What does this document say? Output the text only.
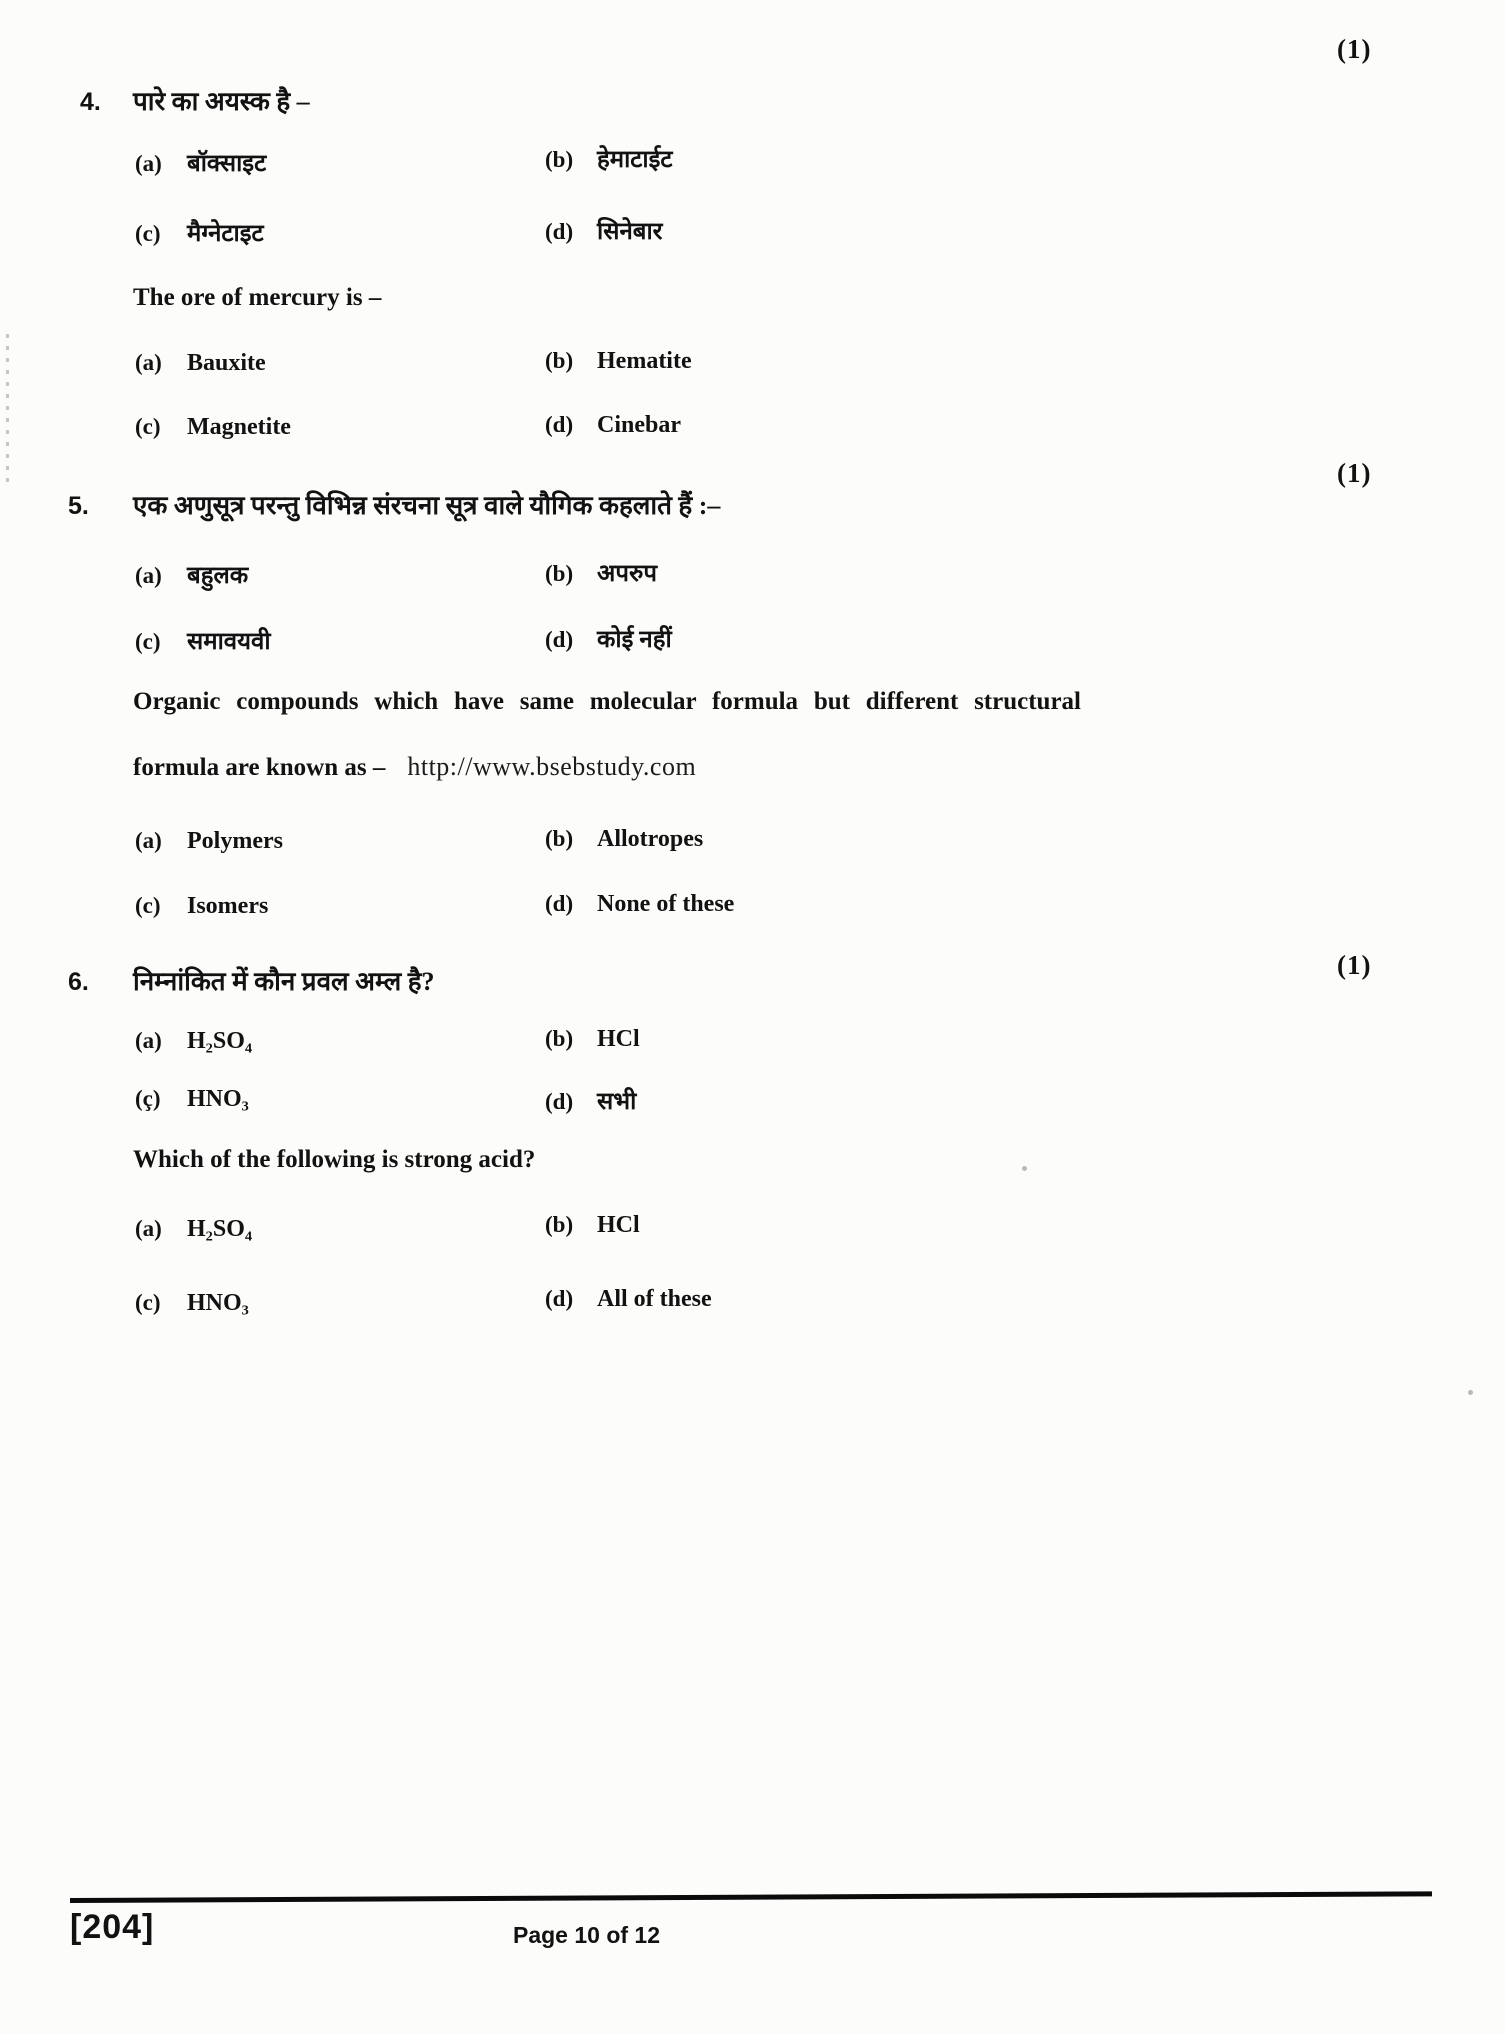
(1)
4. पारे का अयस्क है –
(a)	बॉक्साइट	(b) हेमाटाईट
(c)	मैग्नेटाइट	(d) सिनेबार
The ore of mercury is –
(a)	Bauxite	(b) Hematite
(c)	Magnetite	(d) Cinebar
(1)
5. एक अणुसूत्र परन्तु विभिन्न संरचना सूत्र वाले यौगिक कहलाते हैं :–
(a)	बहुलक	(b) अपरुप
(c)	समावयवी	(d) कोई नहीं
Organic compounds which have same molecular formula but different structural
formula are known as – http://www.bsebstudy.com
(a)	Polymers	(b) Allotropes
(c)	Isomers	(d) None of these
(1)
6. निम्नांकित में कौन प्रवल अम्ल है?
(a)	H₂SO₄	(b) HCl
(ç)	HNO₃	(d) सभी
Which of the following is strong acid?
(a)	H₂SO₄	(b) HCl
(c)	HNO₃	(d) All of these
[204]	Page 10 of 12
